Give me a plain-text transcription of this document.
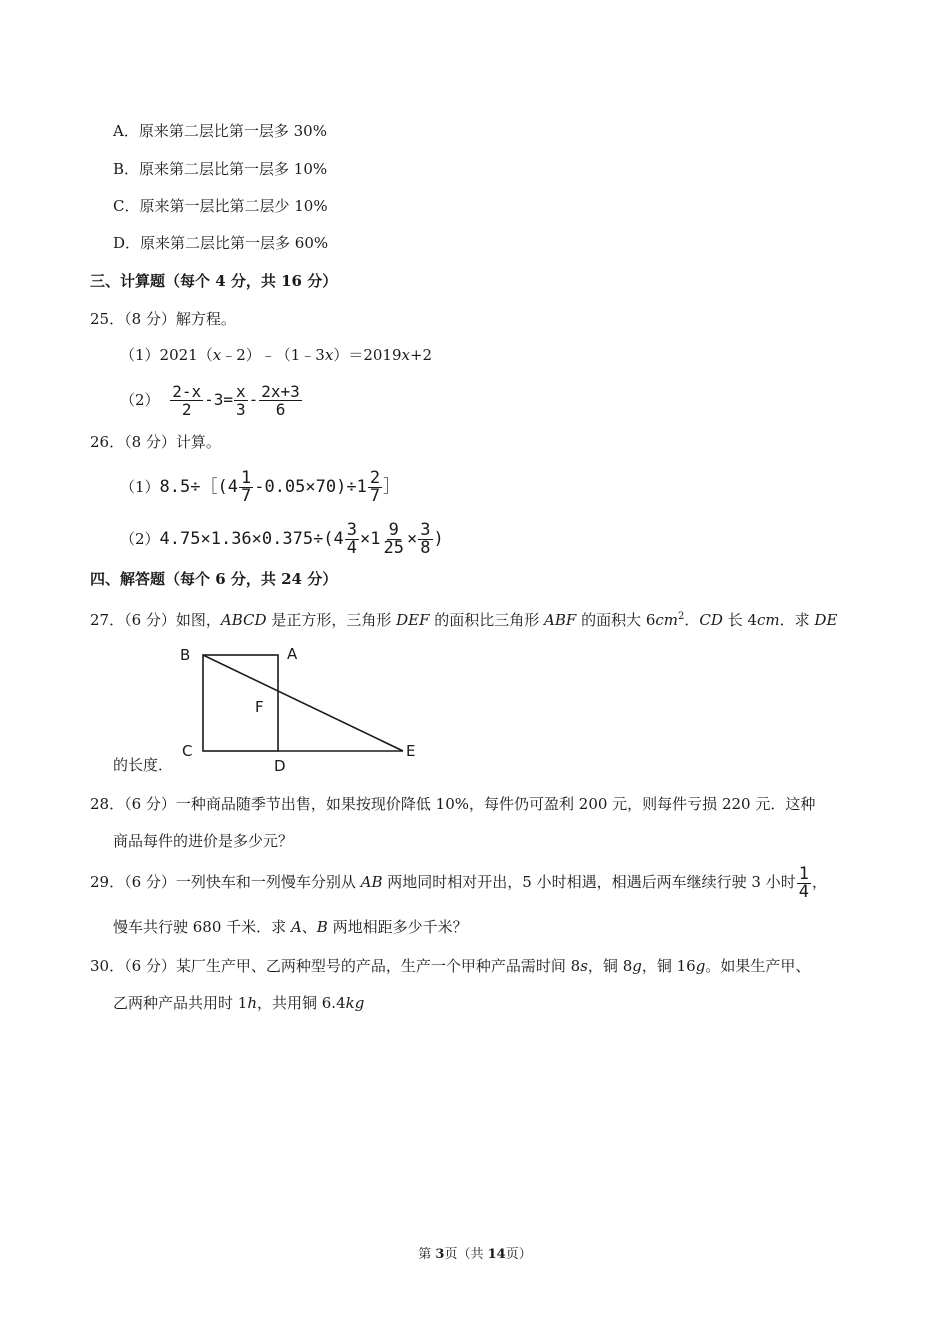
A．原来第二层比第一层多 30%
B．原来第二层比第一层多 10%
C．原来第一层比第二层少 10%
D．原来第二层比第一层多 60%
三、计算题（每个 4 分，共 16 分）
25．（8 分）解方程。
（1）2021（x﹣2）﹣（1﹣3x）＝2019x+2
$(2) \frac{2-x}{2} -3= \frac{x}{3} - \frac{2x+3}{6}$
26．（8 分）计算。
（1）8.5÷［(4 $\frac{1}{7} -0.05\times 70)\div 1 \frac{2}{7}$ ］
$(2)4.75\times 1.36\times 0.375\div(4 \frac{3}{4} \times 1 \frac{9}{25} \times \frac{3}{8}$ )
四、解答题（每个 6 分，共 24 分）
27．（6 分）如图，ABCD 是正方形，三角形 DEF 的面积比三角形 ABF 的面积大 $6cm^2$．CD 长 4cm．求 DE
B	A
F
C
D
E
的长度．
28．（6 分）一种商品随季节出售，如果按现价降低 10%，每件仍可盈利 200 元，则每件亏损 220 元．这种
商品每件的进价是多少元？
29．（6 分）一列快车和一列慢车分别从 AB 两地同时相对开出，5 小时相遇，相遇后两车继续行驶 3 小时 $\frac{1}{4}$ ，
慢车共行驶 680 千米．求 A、B 两地相距多少千米？
30．（6 分）某厂生产甲、乙两种型号的产品，生产一个甲种产品需时间 8s，铜 8g，铜 16g。如果生产甲、
乙两种产品共用时 1h，共用铜 6.4kg
第 3页（共 14页）
